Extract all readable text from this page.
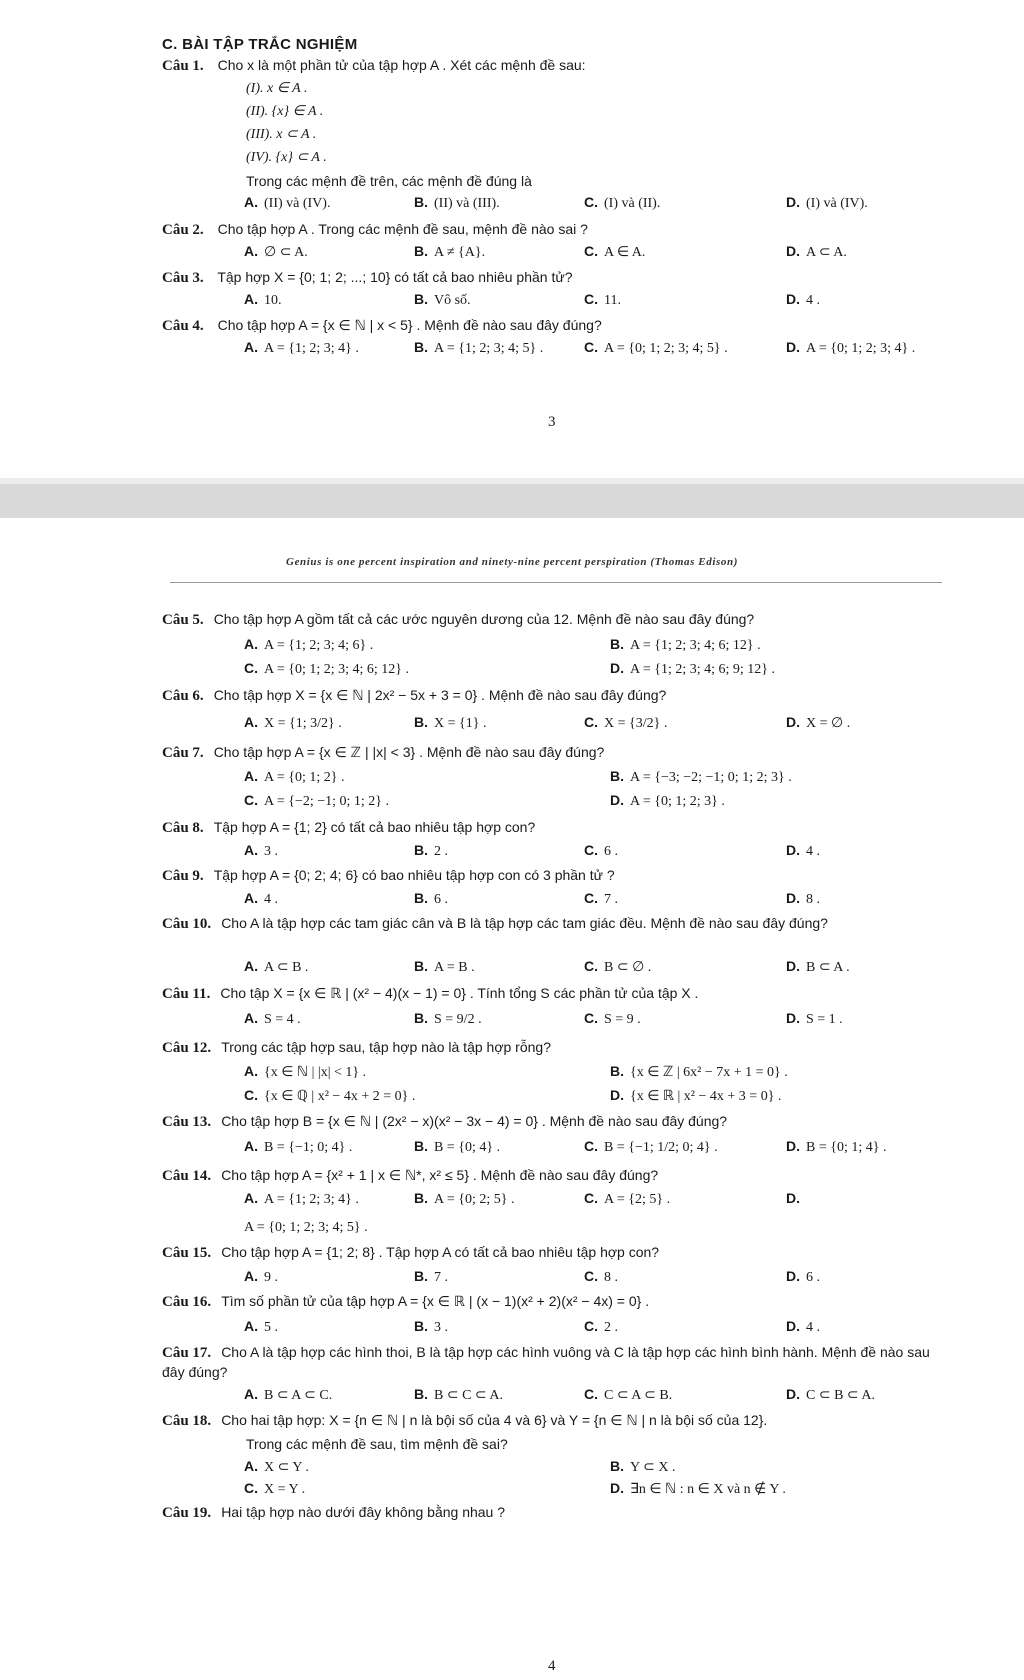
C. BÀI TẬP TRẮC NGHIỆM
Câu 1. Cho x là một phần tử của tập hợp A . Xét các mệnh đề sau:
(I). x ∈ A .
(II). {x} ∈ A .
(III). x ⊂ A .
(IV). {x} ⊂ A .
Trong các mệnh đề trên, các mệnh đề đúng là
A. (II) và (IV).	B. (II) và (III).	C. (I) và (II).	D. (I) và (IV).
Câu 2. Cho tập hợp A . Trong các mệnh đề sau, mệnh đề nào sai ?
A. ∅ ⊂ A.	B. A ≠ {A}.	C. A ∈ A.	D. A ⊂ A.
Câu 3. Tập hợp X = {0; 1; 2; ...; 10} có tất cả bao nhiêu phần tử?
A. 10.	B. Vô số.	C. 11.	D. 4 .
Câu 4. Cho tập hợp A = {x ∈ ℕ | x < 5} . Mệnh đề nào sau đây đúng?
A. A = {1; 2; 3; 4} .	B. A = {1; 2; 3; 4; 5} .	C. A = {0; 1; 2; 3; 4; 5} .	D. A = {0; 1; 2; 3; 4} .
3
Genius is one percent inspiration and ninety-nine percent perspiration (Thomas Edison)
Câu 5. Cho tập hợp A gồm tất cả các ước nguyên dương của 12. Mệnh đề nào sau đây đúng?
A. A = {1; 2; 3; 4; 6} .	B. A = {1; 2; 3; 4; 6; 12} .
C. A = {0; 1; 2; 3; 4; 6; 12} .	D. A = {1; 2; 3; 4; 6; 9; 12} .
Câu 6. Cho tập hợp X = {x ∈ ℕ | 2x² − 5x + 3 = 0} . Mệnh đề nào sau đây đúng?
A. X = {1; 3/2} .	B. X = {1} .	C. X = {3/2} .	D. X = ∅ .
Câu 7. Cho tập hợp A = {x ∈ ℤ | |x| < 3} . Mệnh đề nào sau đây đúng?
A. A = {0; 1; 2} .	B. A = {−3; −2; −1; 0; 1; 2; 3} .
C. A = {−2; −1; 0; 1; 2} .	D. A = {0; 1; 2; 3} .
Câu 8. Tập hợp A = {1; 2} có tất cả bao nhiêu tập hợp con?
A. 3 .	B. 2 .	C. 6 .	D. 4 .
Câu 9. Tập hợp A = {0; 2; 4; 6} có bao nhiêu tập hợp con có 3 phần tử ?
A. 4 .	B. 6 .	C. 7 .	D. 8 .
Câu 10. Cho A là tập hợp các tam giác cân và B là tập hợp các tam giác đều. Mệnh đề nào sau đây đúng?
A. A ⊂ B .	B. A = B .	C. B ⊂ ∅ .	D. B ⊂ A .
Câu 11. Cho tập X = {x ∈ ℝ | (x² − 4)(x − 1) = 0} . Tính tổng S các phần tử của tập X .
A. S = 4 .	B. S = 9/2 .	C. S = 9 .	D. S = 1 .
Câu 12. Trong các tập hợp sau, tập hợp nào là tập hợp rỗng?
A. {x ∈ ℕ | |x| < 1} .	B. {x ∈ ℤ | 6x² − 7x + 1 = 0} .
C. {x ∈ ℚ | x² − 4x + 2 = 0} .	D. {x ∈ ℝ | x² − 4x + 3 = 0} .
Câu 13. Cho tập hợp B = {x ∈ ℕ | (2x² − x)(x² − 3x − 4) = 0} . Mệnh đề nào sau đây đúng?
A. B = {−1; 0; 4} .	B. B = {0; 4} .	C. B = {−1; 1/2; 0; 4} .	D. B = {0; 1; 4} .
Câu 14. Cho tập hợp A = {x² + 1 | x ∈ ℕ*, x² ≤ 5} . Mệnh đề nào sau đây đúng?
A. A = {1; 2; 3; 4} .	B. A = {0; 2; 5} .	C. A = {2; 5} .	D.
A = {0; 1; 2; 3; 4; 5} .
Câu 15. Cho tập hợp A = {1; 2; 8} . Tập hợp A có tất cả bao nhiêu tập hợp con?
A. 9 .	B. 7 .	C. 8 .	D. 6 .
Câu 16. Tìm số phần tử của tập hợp A = {x ∈ ℝ | (x − 1)(x² + 2)(x² − 4x) = 0} .
A. 5 .	B. 3 .	C. 2 .	D. 4 .
Câu 17. Cho A là tập hợp các hình thoi, B là tập hợp các hình vuông và C là tập hợp các hình bình hành. Mệnh đề nào sau đây đúng?
A. B ⊂ A ⊂ C.	B. B ⊂ C ⊂ A.	C. C ⊂ A ⊂ B.	D. C ⊂ B ⊂ A.
Câu 18. Cho hai tập hợp: X = {n ∈ ℕ | n là bội số của 4 và 6} và Y = {n ∈ ℕ | n là bội số của 12}.
Trong các mệnh đề sau, tìm mệnh đề sai?
A. X ⊂ Y .	B. Y ⊂ X .
C. X = Y .	D. ∃n ∈ ℕ : n ∈ X và n ∉ Y .
Câu 19. Hai tập hợp nào dưới đây không bằng nhau ?
4
